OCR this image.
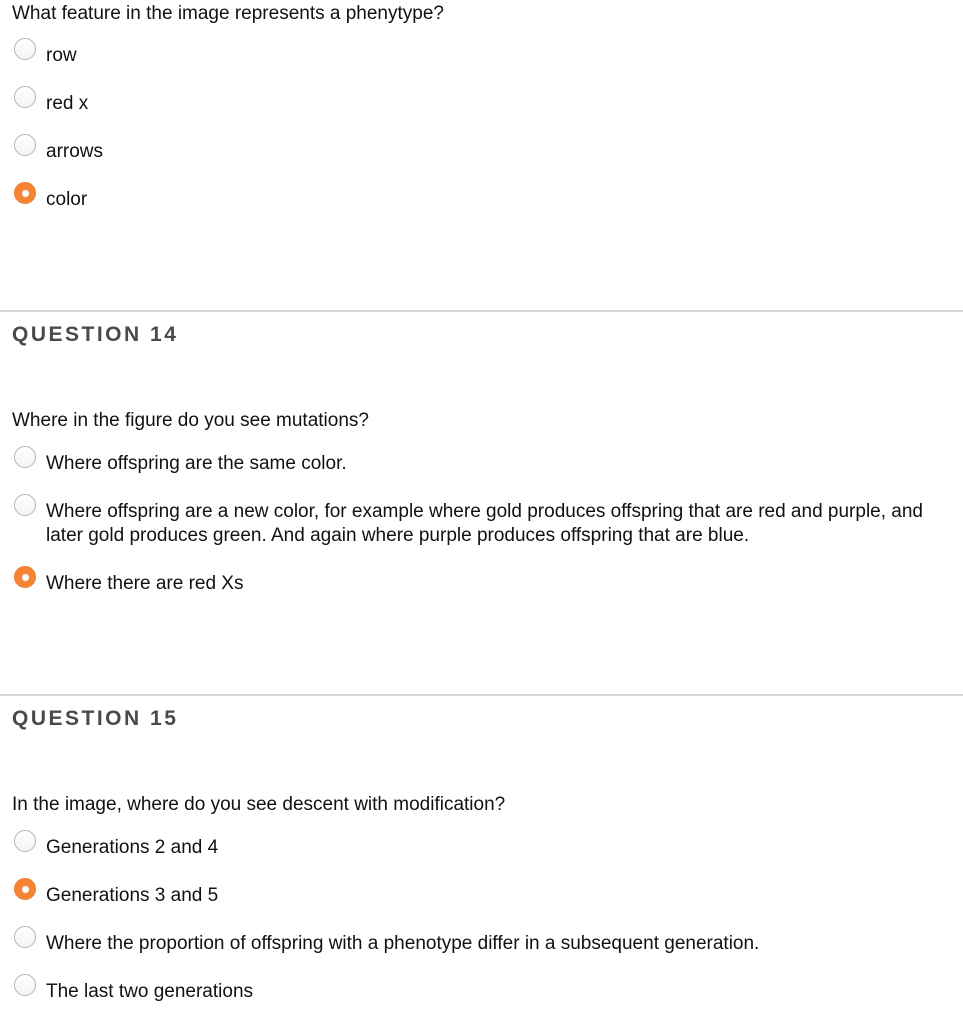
What feature in the image represents a phenytype?
row
red x
arrows
color
QUESTION 14
Where in the figure do you see mutations?
Where offspring are the same color.
Where offspring are a new color, for example where gold produces offspring that are red and purple, and later gold produces green. And again where purple produces offspring that are blue.
Where there are red Xs
QUESTION 15
In the image, where do you see descent with modification?
Generations 2 and 4
Generations 3 and 5
Where the proportion of offspring with a phenotype differ in a subsequent generation.
The last two generations
